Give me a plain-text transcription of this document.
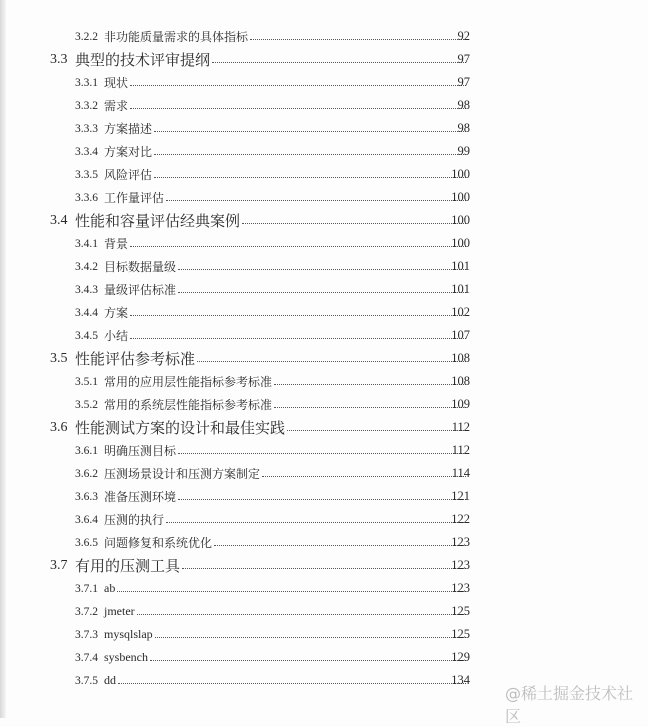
3.2.2 非功能质量需求的具体指标	92
3.3 典型的技术评审提纲	97
3.3.1 现状	97
3.3.2 需求	98
3.3.3 方案描述	98
3.3.4 方案对比	99
3.3.5 风险评估	100
3.3.6 工作量评估	100
3.4 性能和容量评估经典案例	100
3.4.1 背景	100
3.4.2 目标数据量级	101
3.4.3 量级评估标准	101
3.4.4 方案	102
3.4.5 小结	107
3.5 性能评估参考标准	108
3.5.1 常用的应用层性能指标参考标准	108
3.5.2 常用的系统层性能指标参考标准	109
3.6 性能测试方案的设计和最佳实践	112
3.6.1 明确压测目标	112
3.6.2 压测场景设计和压测方案制定	114
3.6.3 准备压测环境	121
3.6.4 压测的执行	122
3.6.5 问题修复和系统优化	123
3.7 有用的压测工具	123
3.7.1 ab	123
3.7.2 jmeter	125
3.7.3 mysqlslap	125
3.7.4 sysbench	129
3.7.5 dd	134
@稀土掘金技术社区
